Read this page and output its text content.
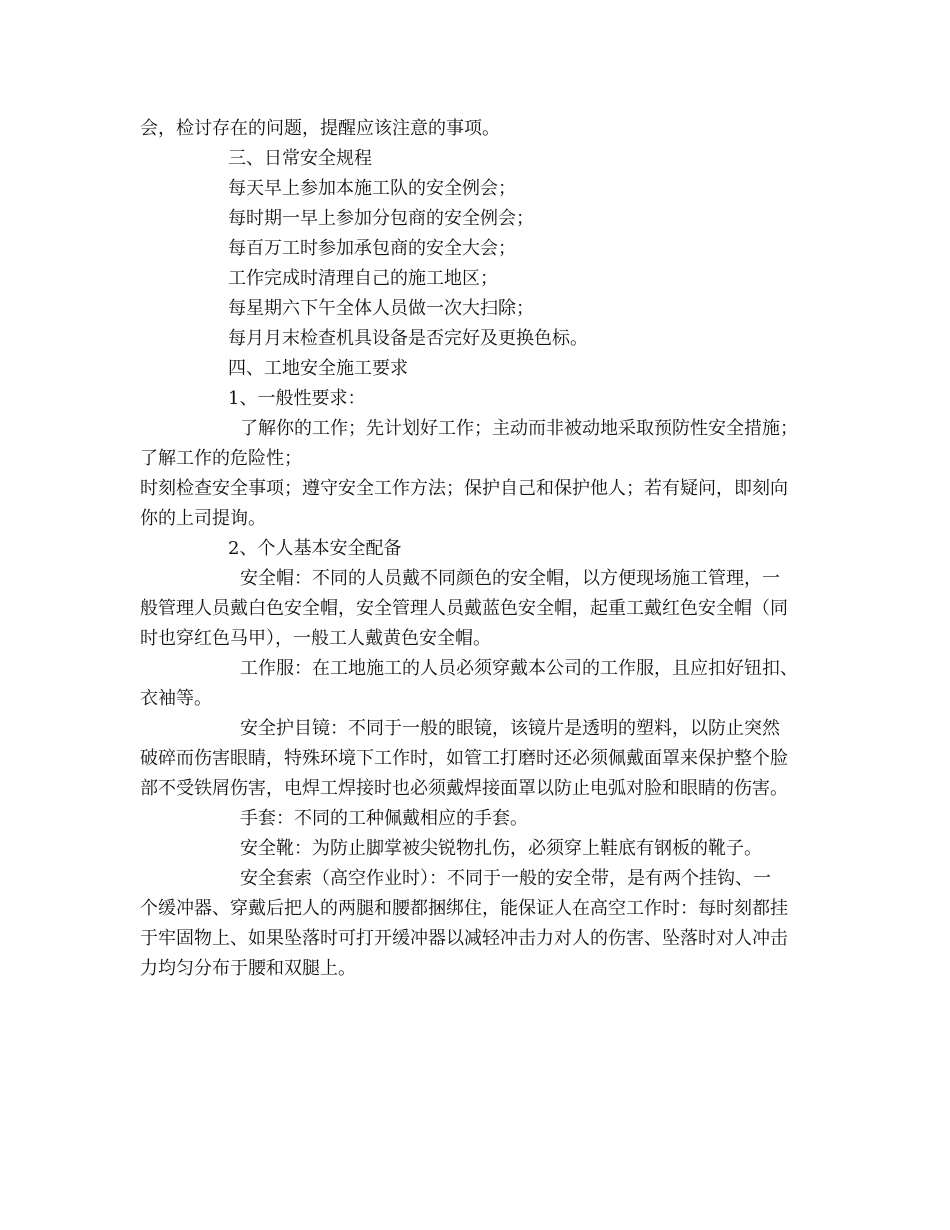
会，检讨存在的问题，提醒应该注意的事项。

三、日常安全规程

每天早上参加本施工队的安全例会；

每时期一早上参加分包商的安全例会；

每百万工时参加承包商的安全大会；

工作完成时清理自己的施工地区；

每星期六下午全体人员做一次大扫除；

每月月末检查机具设备是否完好及更换色标。

四、工地安全施工要求

1、一般性要求：

了解你的工作；先计划好工作；主动而非被动地采取预防性安全措施；

了解工作的危险性；

时刻检查安全事项；遵守安全工作方法；保护自己和保护他人；若有疑问，即刻向

你的上司提询。

2、个人基本安全配备

安全帽：不同的人员戴不同颜色的安全帽，以方便现场施工管理，一

般管理人员戴白色安全帽，安全管理人员戴蓝色安全帽，起重工戴红色安全帽（同

时也穿红色马甲），一般工人戴黄色安全帽。

工作服：在工地施工的人员必须穿戴本公司的工作服，且应扣好钮扣、

衣袖等。

安全护目镜：不同于一般的眼镜，该镜片是透明的塑料，以防止突然

破碎而伤害眼睛，特殊环境下工作时，如管工打磨时还必须佩戴面罩来保护整个脸

部不受铁屑伤害，电焊工焊接时也必须戴焊接面罩以防止电弧对脸和眼睛的伤害。

手套：不同的工种佩戴相应的手套。

安全靴：为防止脚掌被尖锐物扎伤，必须穿上鞋底有钢板的靴子。

安全套索（高空作业时）：不同于一般的安全带，是有两个挂钩、一

个缓冲器、穿戴后把人的两腿和腰都捆绑住，能保证人在高空工作时：每时刻都挂

于牢固物上、如果坠落时可打开缓冲器以减轻冲击力对人的伤害、坠落时对人冲击

力均匀分布于腰和双腿上。
